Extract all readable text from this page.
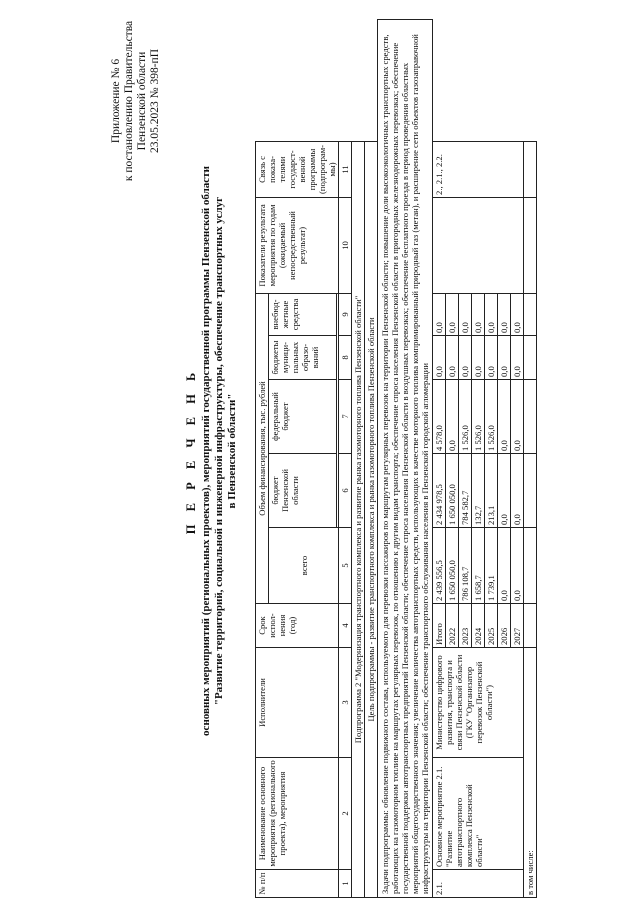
Приложение № 6 к постановлению Правительства Пензенской области 23.05.2023 № 398-пП
П Е Р Е Ч Е Н Ь основных мероприятий (региональных проектов), мероприятий государственной программы Пензенской области "Развитие территорий, социальной и инженерной инфраструктуры, обеспечение транспортных услуг в Пензенской области"
№ п/п	Наименование основного мероприятия (регионального проекта), мероприятия	Исполнители	Срок испол-нения (год)	Объем финансирования, тыс. рублей					Показатели результата мероприятия по годам (ожидаемый непосредственный результат)	Связь с показа-телями государст-венной программы (подпрограм-мы)	
				всего	бюджет Пензенской области	федеральный бюджет	бюджеты муници-пальных образо-ваний	внебюд-жетные средства			

1	2	3	4	5	6	7	8	9	10	11	
Подпрограмма 2 "Модернизация транспортного комплекса и развитие рынка газомоторного топлива Пензенской области"											
Цель подпрограммы - развитие транспортного комплекса и рынка газомоторного топлива Пензенской области											
Задачи подпрограммы: обновление подвижного состава, используемого для перевозки пассажиров по маршрутам регулярных перевозок на территории Пензенской области; повышение доли высокоэкологичных транспортных средств, работающих на газомоторном топливе на маршрутах регулярных перевозок, по отношению к другим видам транспорта; обеспечение спроса населения Пензенской области в пригородных железнодорожных перевозках; обеспечение государственной поддержки автотранспортных предприятий Пензенской области; обеспечение спроса населения Пензенской области в воздушных перевозках; обеспечение бесплатного проезда в период проведения областных мероприятий общегосударственного значения; увеличение количества автотранспортных средств, использующих в качестве моторного топлива компримированный природный газ (метан), и расширение сети объектов газозаправочной инфраструктуры на территории Пензенской области; обеспечение транспортного обслуживания населения в Пензенской городской агломерации											
2.1.	Основное мероприятие 2.1. "Развитие автотранспортного комплекса Пензенской области"	Министерство цифрового развития, транспорта и связи Пензенской области (ГКУ "Организатор перевозок Пензенской области")	Итого	2 439 556,5	2 434 978,5	4 578,0	0,0	0,0		2., 2.1., 2.2.	
			2022	1 650 050,0	1 650 050,0	0,0	0,0	0,0			
			2023	786 108,7	784 582,7	1 526,0	0,0	0,0			
			2024	1 658,7	132,7	1 526,0	0,0	0,0			
			2025	1 739,1	213,1	1 526,0	0,0	0,0			
			2026	0,0	0,0	0,0	0,0	0,0			
			2027	0,0	0,0	0,0	0,0	0,0			
в том числе:											
